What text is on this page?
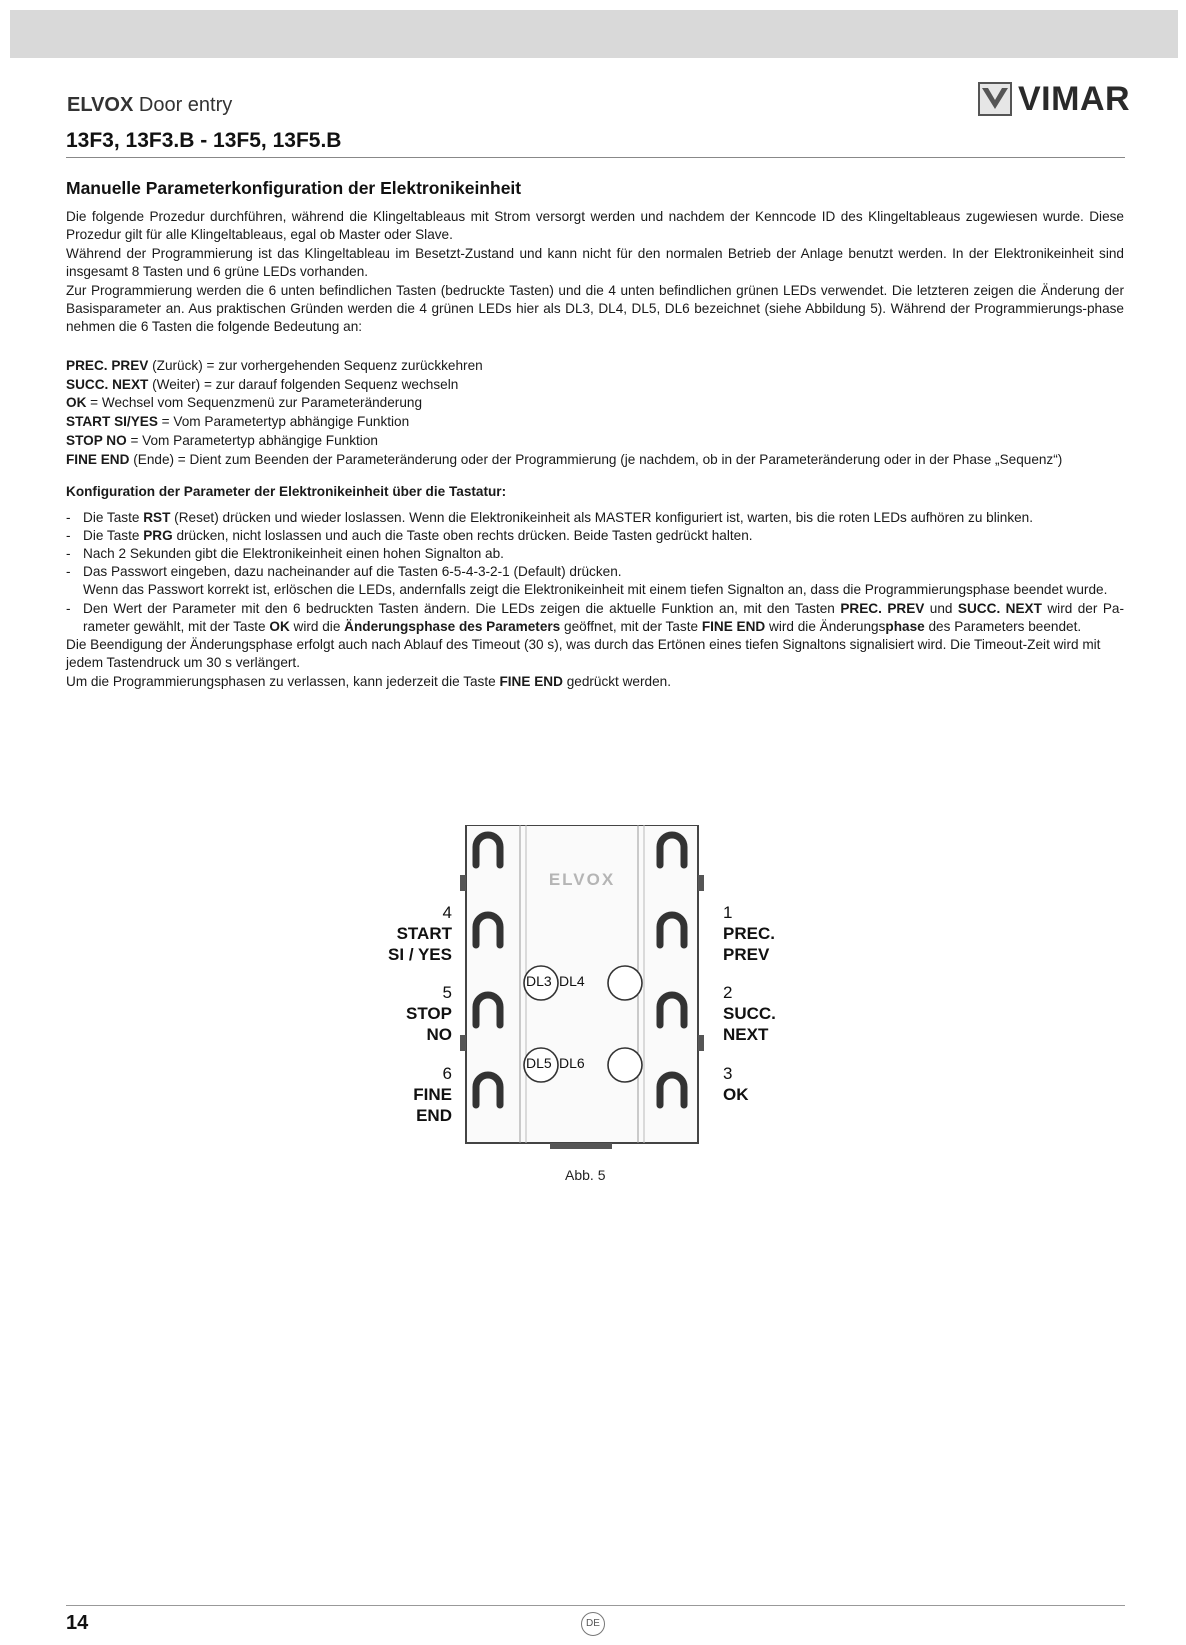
ELVOX Door entry	VIMAR
13F3, 13F3.B - 13F5, 13F5.B
Manuelle Parameterkonfiguration der Elektronikeinheit

Die folgende Prozedur durchführen, während die Klingeltableaus mit Strom versorgt werden und nachdem der Kenncode ID des Klingeltableaus zugewiesen wurde. Diese Prozedur gilt für alle Klingeltableaus, egal ob Master oder Slave.

Während der Programmierung ist das Klingeltableau im Besetzt-Zustand und kann nicht für den normalen Betrieb der Anlage benutzt werden. In der Elektronikeinheit sind insgesamt 8 Tasten und 6 grüne LEDs vorhanden.

Zur Programmierung werden die 6 unten befindlichen Tasten (bedruckte Tasten) und die 4 unten befindlichen grünen LEDs verwendet. Die letzteren zeigen die Änderung der Basisparameter an. Aus praktischen Gründen werden die 4 grünen LEDs hier als DL3, DL4, DL5, DL6 bezeichnet (siehe Abbildung 5). Während der Programmierungs-phase nehmen die 6 Tasten die folgende Bedeutung an:

PREC. PREV (Zurück) = zur vorhergehenden Sequenz zurückkehren
SUCC. NEXT (Weiter) = zur darauf folgenden Sequenz wechseln
OK = Wechsel vom Sequenzmenü zur Parameteränderung
START SI/YES = Vom Parametertyp abhängige Funktion
STOP NO = Vom Parametertyp abhängige Funktion
FINE END (Ende) = Dient zum Beenden der Parameteränderung oder der Programmierung (je nachdem, ob in der Parameteränderung oder in der Phase „Sequenz“)
Konfiguration der Parameter der Elektronikeinheit über die Tastatur:
- Die Taste RST (Reset) drücken und wieder loslassen. Wenn die Elektronikeinheit als MASTER konfiguriert ist, warten, bis die roten LEDs aufhören zu blinken.
- Die Taste PRG drücken, nicht loslassen und auch die Taste oben rechts drücken. Beide Tasten gedrückt halten.
- Nach 2 Sekunden gibt die Elektronikeinheit einen hohen Signalton ab.
- Das Passwort eingeben, dazu nacheinander auf die Tasten 6-5-4-3-2-1 (Default) drücken.
Wenn das Passwort korrekt ist, erlöschen die LEDs, andernfalls zeigt die Elektronikeinheit mit einem tiefen Signalton an, dass die Programmierungsphase beendet wurde.
- Den Wert der Parameter mit den 6 bedruckten Tasten ändern. Die LEDs zeigen die aktuelle Funktion an, mit den Tasten PREC. PREV und SUCC. NEXT wird der Pa-rameter gewählt, mit der Taste OK wird die Änderungsphase des Parameters geöffnet, mit der Taste FINE END wird die Änderungsphase des Parameters beendet.

Die Beendigung der Änderungsphase erfolgt auch nach Ablauf des Timeout (30 s), was durch das Ertönen eines tiefen Signaltons signalisiert wird. Die Timeout-Zeit wird mit jedem Tastendruck um 30 s verlängert.

Um die Programmierungsphasen zu verlassen, kann jederzeit die Taste FINE END gedrückt werden.

ELVOX
DL3 DL4
DL5 DL6
4
START
SI / YES
5
STOP
NO
6
FINE
END
1
PREC.
PREV
2
SUCC.
NEXT
3
OK
Abb. 5
14	DE
